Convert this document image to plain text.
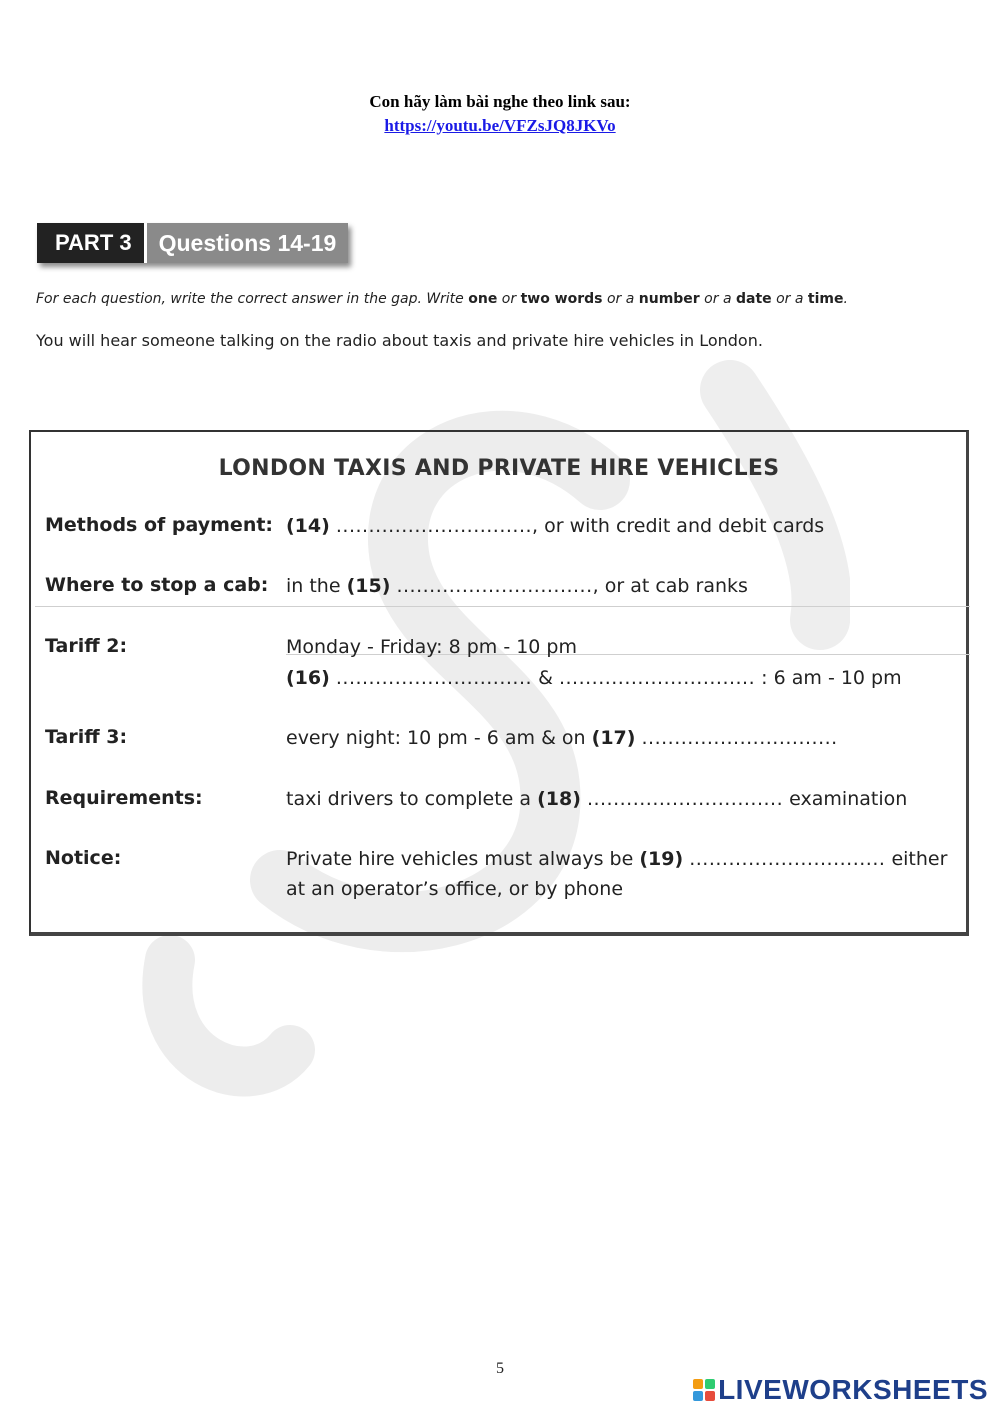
Con hãy làm bài nghe theo link sau:
https://youtu.be/VFZsJQ8JKVo
PART 3	Questions 14-19
For each question, write the correct answer in the gap. Write one or two words or a number or a date or a time.
You will hear someone talking on the radio about taxis and private hire vehicles in London.
LONDON TAXIS AND PRIVATE HIRE VEHICLES
Methods of payment: (14) .............................., or with credit and debit cards
Where to stop a cab: in the (15) .............................., or at cab ranks
Tariff 2:	Monday - Friday: 8 pm - 10 pm
(16) .............................. & .............................. : 6 am - 10 pm
Tariff 3:	every night: 10 pm - 6 am & on (17) ..............................
Requirements:	taxi drivers to complete a (18) .............................. examination
Notice:	Private hire vehicles must always be (19) .............................. either
at an operator’s office, or by phone
5
LIVEWORKSHEETS
